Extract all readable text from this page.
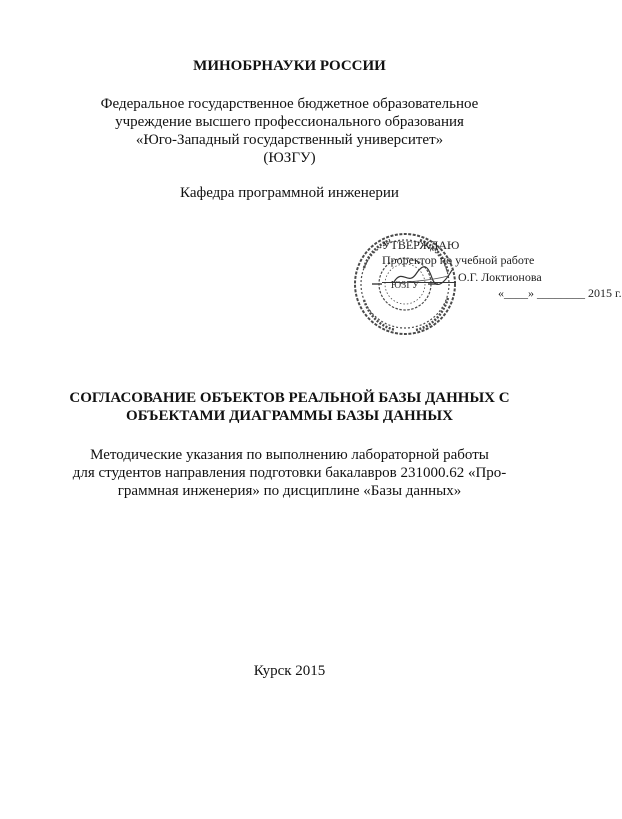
МИНОБРНАУКИ РОССИИ
Федеральное государственное бюджетное образовательное
учреждение высшего профессионального образования
«Юго-Западный государственный университет»
(ЮЗГУ)
Кафедра программной инженерии
ЮЗГУ
УТВЕРЖДАЮ
Проректор по учебной работе
О.Г. Локтионова
«____» ________ 2015 г.
СОГЛАСОВАНИЕ ОБЪЕКТОВ РЕАЛЬНОЙ БАЗЫ ДАННЫХ С
ОБЪЕКТАМИ ДИАГРАММЫ БАЗЫ ДАННЫХ
Методические указания по выполнению лабораторной работы
для студентов направления подготовки бакалавров 231000.62 «Про-
граммная инженерия» по дисциплине «Базы данных»
Курск 2015
